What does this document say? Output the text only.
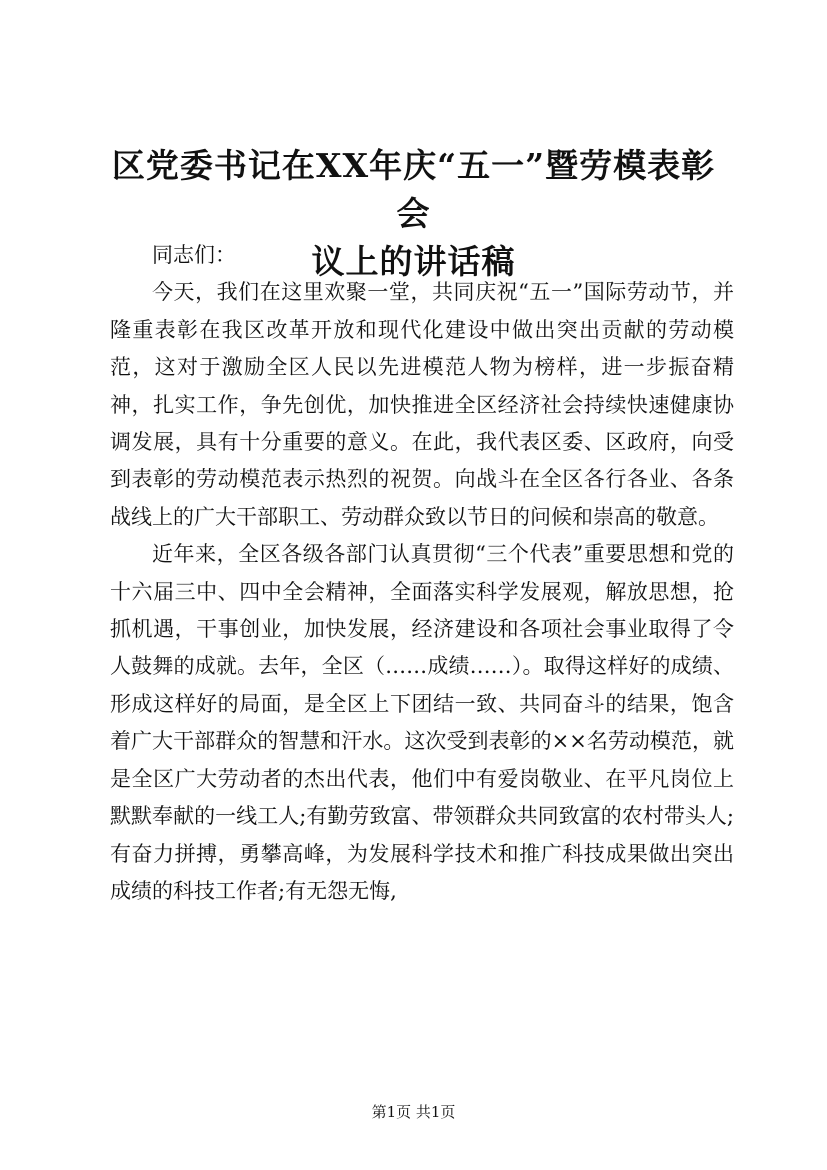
区党委书记在XX年庆“五一”暨劳模表彰会
议上的讲话稿

同志们：

今天，我们在这里欢聚一堂，共同庆祝“五一”国际劳动节，并隆重表彰在我区改革开放和现代化建设中做出突出贡献的劳动模范，这对于激励全区人民以先进模范人物为榜样，进一步振奋精神，扎实工作，争先创优，加快推进全区经济社会持续快速健康协调发展，具有十分重要的意义。在此，我代表区委、区政府，向受到表彰的劳动模范表示热烈的祝贺。向战斗在全区各行各业、各条战线上的广大干部职工、劳动群众致以节日的问候和崇高的敬意。

近年来，全区各级各部门认真贯彻“三个代表”重要思想和党的十六届三中、四中全会精神，全面落实科学发展观，解放思想，抢抓机遇，干事创业，加快发展，经济建设和各项社会事业取得了令人鼓舞的成就。去年，全区（……成绩……）。取得这样好的成绩、形成这样好的局面，是全区上下团结一致、共同奋斗的结果，饱含着广大干部群众的智慧和汗水。这次受到表彰的××名劳动模范，就是全区广大劳动者的杰出代表，他们中有爱岗敬业、在平凡岗位上默默奉献的一线工人;有勤劳致富、带领群众共同致富的农村带头人;有奋力拼搏，勇攀高峰，为发展科学技术和推广科技成果做出突出成绩的科技工作者;有无怨无悔,

第1页 共1页
